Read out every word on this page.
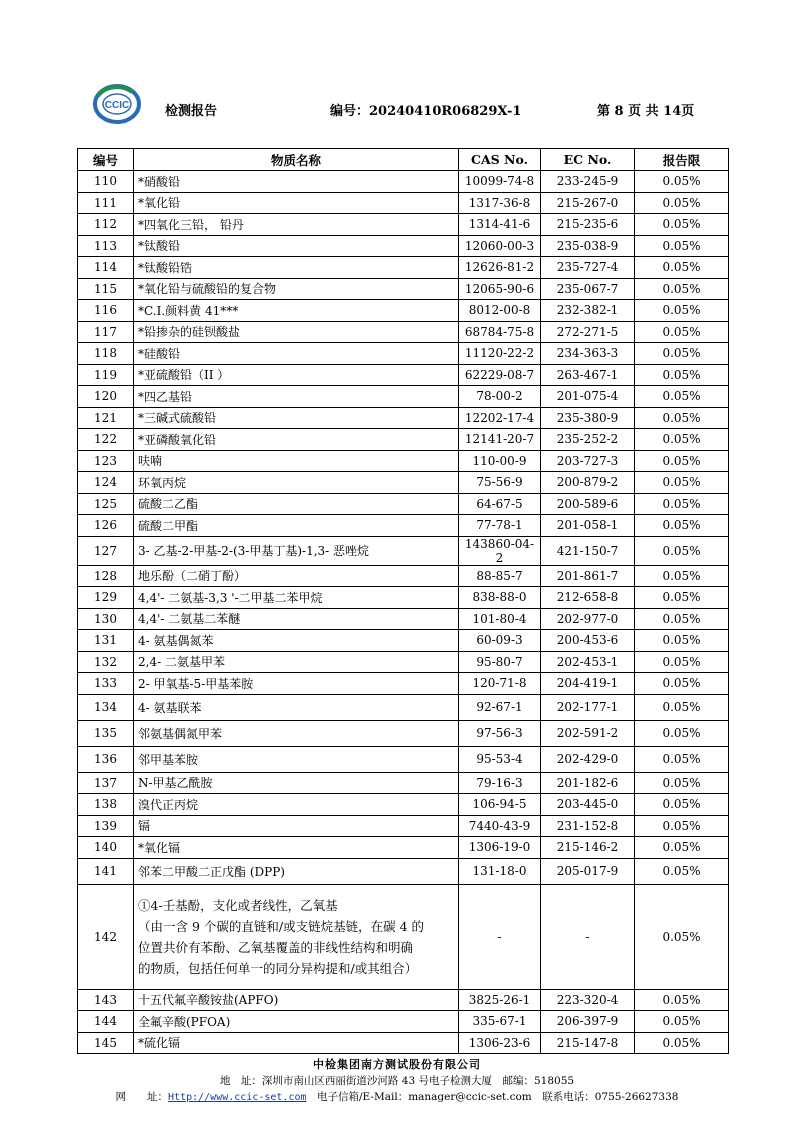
CCIC	检测报告	编号：20240410R06829X-1	第 8 页 共 14页
编号	物质名称	CAS No.	EC No.	报告限
110	*硝酸铅	10099-74-8	233-245-9	0.05%
111	*氧化铅	1317-36-8	215-267-0	0.05%
112	*四氧化三铅， 铅丹	1314-41-6	215-235-6	0.05%
113	*钛酸铅	12060-00-3	235-038-9	0.05%
114	*钛酸铅锆	12626-81-2	235-727-4	0.05%
115	*氧化铅与硫酸铅的复合物	12065-90-6	235-067-7	0.05%
116	*C.I.颜料黄 41***	8012-00-8	232-382-1	0.05%
117	*铅掺杂的硅钡酸盐	68784-75-8	272-271-5	0.05%
118	*硅酸铅	11120-22-2	234-363-3	0.05%
119	*亚硫酸铅（II ）	62229-08-7	263-467-1	0.05%
120	*四乙基铅	78-00-2	201-075-4	0.05%
121	*三碱式硫酸铅	12202-17-4	235-380-9	0.05%
122	*亚磷酸氧化铅	12141-20-7	235-252-2	0.05%
123	呋喃	110-00-9	203-727-3	0.05%
124	环氧丙烷	75-56-9	200-879-2	0.05%
125	硫酸二乙酯	64-67-5	200-589-6	0.05%
126	硫酸二甲酯	77-78-1	201-058-1	0.05%
127	3- 乙基-2-甲基-2-(3-甲基丁基)-1,3- 恶唑烷	143860-04-2	421-150-7	0.05%
128	地乐酚（二硝丁酚）	88-85-7	201-861-7	0.05%
129	4,4'- 二氨基-3,3 '-二甲基二苯甲烷	838-88-0	212-658-8	0.05%
130	4,4'- 二氨基二苯醚	101-80-4	202-977-0	0.05%
131	4- 氨基偶氮苯	60-09-3	200-453-6	0.05%
132	2,4- 二氨基甲苯	95-80-7	202-453-1	0.05%
133	2- 甲氧基-5-甲基苯胺	120-71-8	204-419-1	0.05%
134	4- 氨基联苯	92-67-1	202-177-1	0.05%
135	邻氨基偶氮甲苯	97-56-3	202-591-2	0.05%
136	邻甲基苯胺	95-53-4	202-429-0	0.05%
137	N-甲基乙酰胺	79-16-3	201-182-6	0.05%
138	溴代正丙烷	106-94-5	203-445-0	0.05%
139	镉	7440-43-9	231-152-8	0.05%
140	*氧化镉	1306-19-0	215-146-2	0.05%
141	邻苯二甲酸二正戊酯 (DPP)	131-18-0	205-017-9	0.05%
142	①4-壬基酚，支化或者线性，乙氧基
（由一含 9 个碳的直链和/或支链烷基链，在碳 4 的
位置共价有苯酚、乙氧基覆盖的非线性结构和明确
的物质，包括任何单一的同分异构提和/或其组合）	-	-	0.05%
143	十五代氟辛酸铵盐(APFO)	3825-26-1	223-320-4	0.05%
144	全氟辛酸(PFOA)	335-67-1	206-397-9	0.05%
145	*硫化镉	1306-23-6	215-147-8	0.05%
中检集团南方测试股份有限公司
地　址：深圳市南山区西丽街道沙河路 43 号电子检测大厦　邮编：518055
网　　址：Http://www.ccic-set.com　电子信箱/E-Mail：manager@ccic-set.com　联系电话：0755-26627338
